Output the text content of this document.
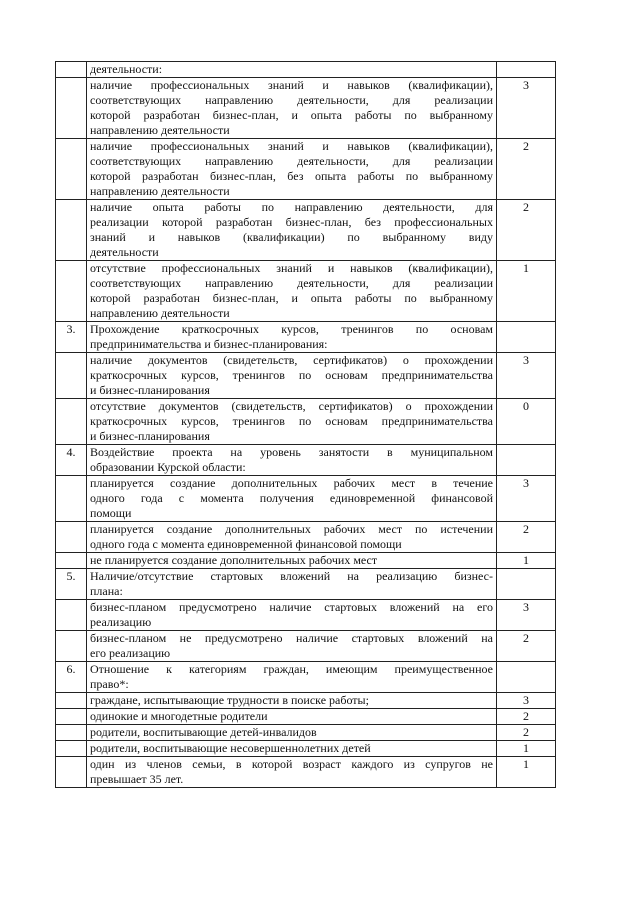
	деятельности:	

	наличие профессиональных знаний и навыков (квалификации),
соответствующих направлению деятельности, для реализации
которой разработан бизнес-план, и опыта работы по выбранному
направлению деятельности	3

	наличие профессиональных знаний и навыков (квалификации),
соответствующих направлению деятельности, для реализации
которой разработан бизнес-план, без опыта работы по выбранному
направлению деятельности	2

	наличие опыта работы по направлению деятельности, для
реализации которой разработан бизнес-план, без профессиональных
знаний и навыков (квалификации) по выбранному виду
деятельности	2

	отсутствие профессиональных знаний и навыков (квалификации),
соответствующих направлению деятельности, для реализации
которой разработан бизнес-план, и опыта работы по выбранному
направлению деятельности	1
3.	Прохождение краткосрочных курсов, тренингов по основам
предпринимательства и бизнес-планирования:	

	наличие документов (свидетельств, сертификатов) о прохождении
краткосрочных курсов, тренингов по основам предпринимательства
и бизнес-планирования	3

	отсутствие документов (свидетельств, сертификатов) о прохождении
краткосрочных курсов, тренингов по основам предпринимательства
и бизнес-планирования	0
4.	Воздействие проекта на уровень занятости в муниципальном
образовании Курской области:	

	планируется создание дополнительных рабочих мест в течение
одного года с момента получения единовременной финансовой
помощи	3

	планируется создание дополнительных рабочих мест по истечении
одного года с момента единовременной финансовой помощи	2

	не планируется создание дополнительных рабочих мест	1
5.	Наличие/отсутствие стартовых вложений на реализацию бизнес-
плана:	

	бизнес-планом предусмотрено наличие стартовых вложений на его
реализацию	3

	бизнес-планом не предусмотрено наличие стартовых вложений на
его реализацию	2
6.	Отношение к категориям граждан, имеющим преимущественное
право*:	

	граждане, испытывающие трудности в поиске работы;	3

	одинокие и многодетные родители	2

	родители, воспитывающие детей-инвалидов	2

	родители, воспитывающие несовершеннолетних детей	1

	один из членов семьи, в которой возраст каждого из супругов не
превышает 35 лет.	1
